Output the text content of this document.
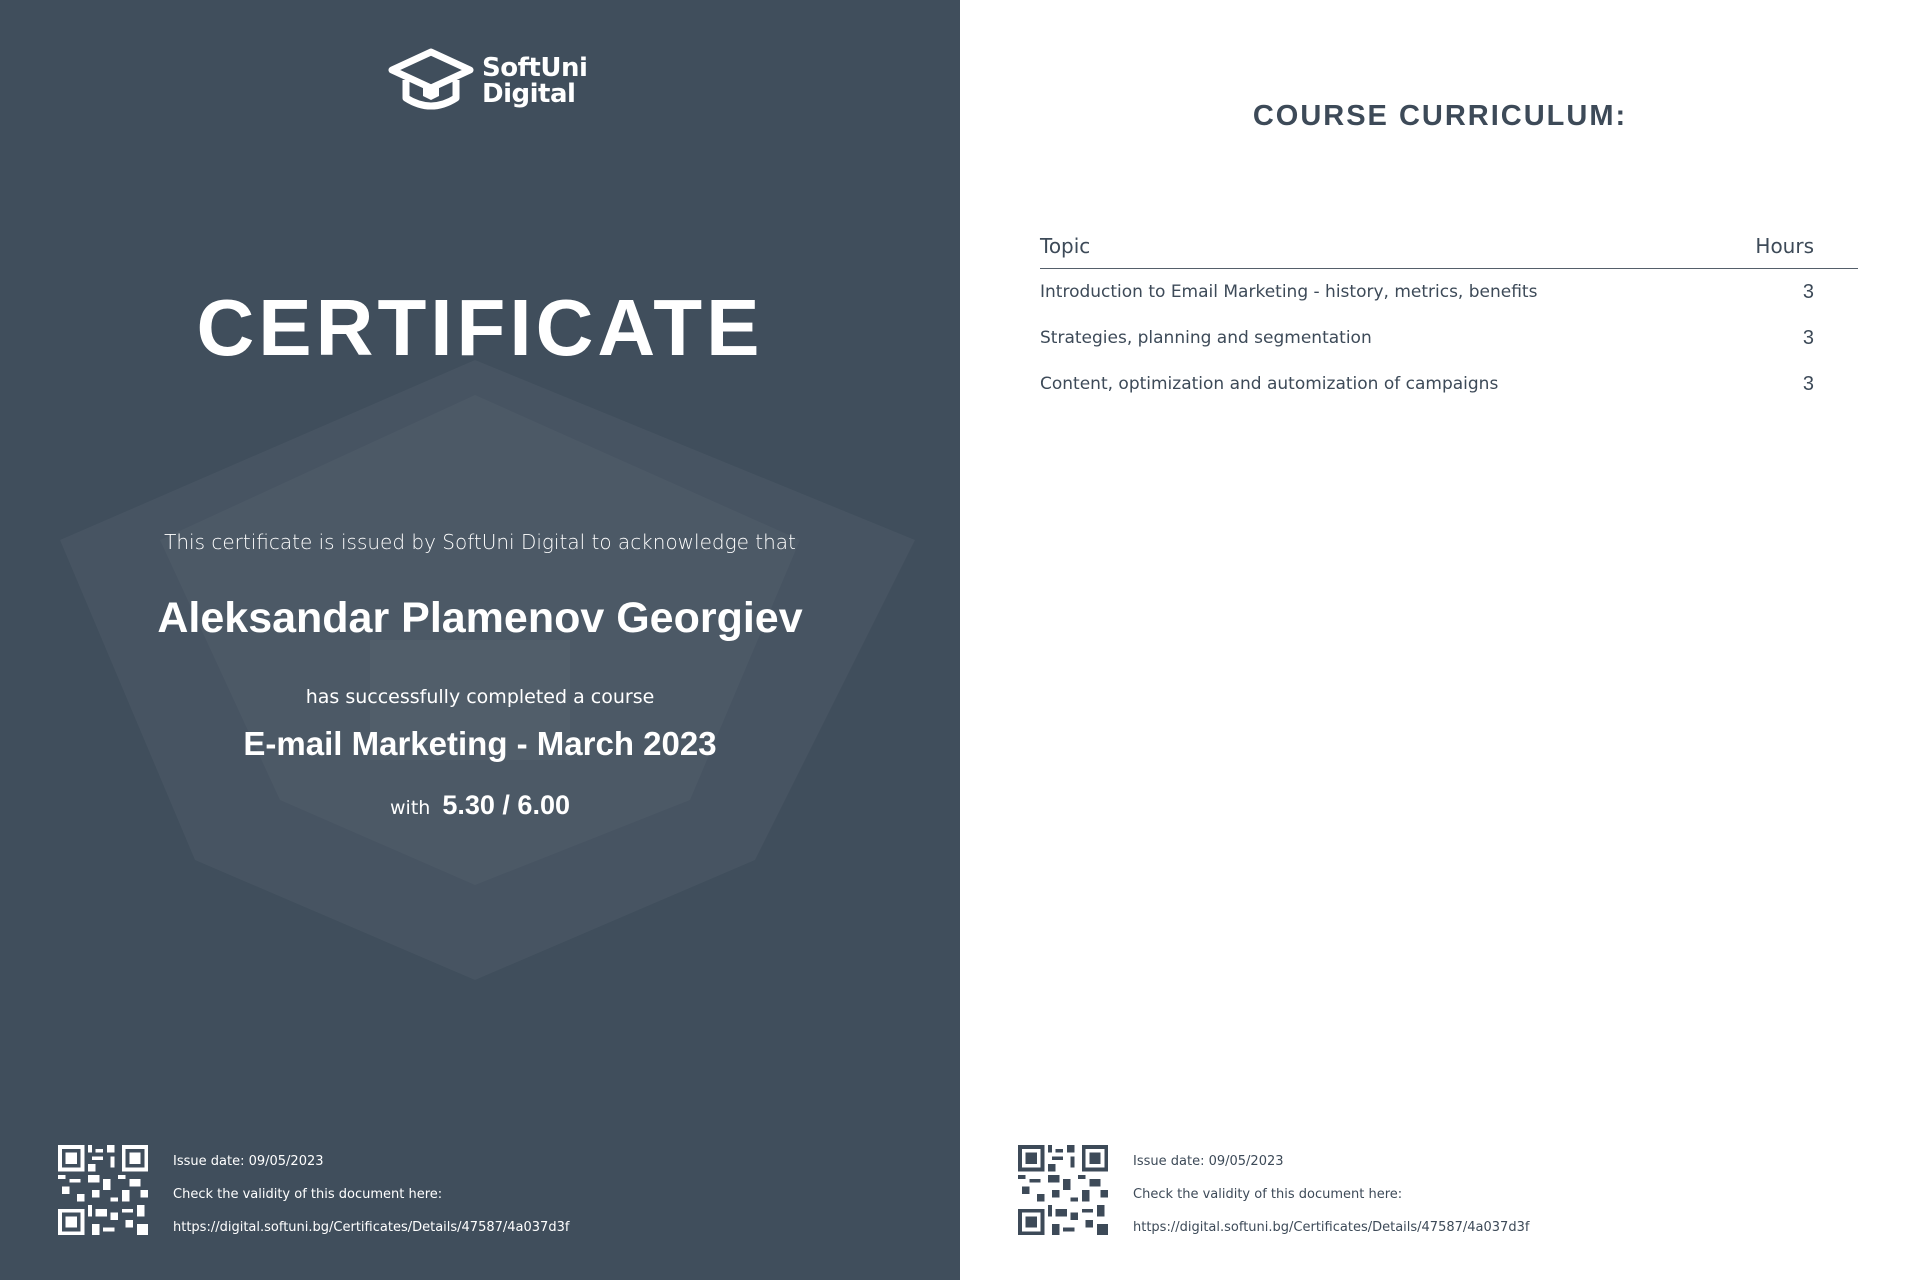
SoftUni
Digital
CERTIFICATE
This certificate is issued by SoftUni Digital to acknowledge that
Aleksandar Plamenov Georgiev
has successfully completed a course
E-mail Marketing - March 2023
with 5.30 / 6.00
Issue date: 09/05/2023
Check the validity of this document here:
https://digital.softuni.bg/Certificates/Details/47587/4a037d3f
COURSE CURRICULUM:
Topic	Hours
Introduction to Email Marketing - history, metrics, benefits	3
Strategies, planning and segmentation	3
Content, optimization and automization of campaigns	3
Issue date: 09/05/2023
Check the validity of this document here:
https://digital.softuni.bg/Certificates/Details/47587/4a037d3f
